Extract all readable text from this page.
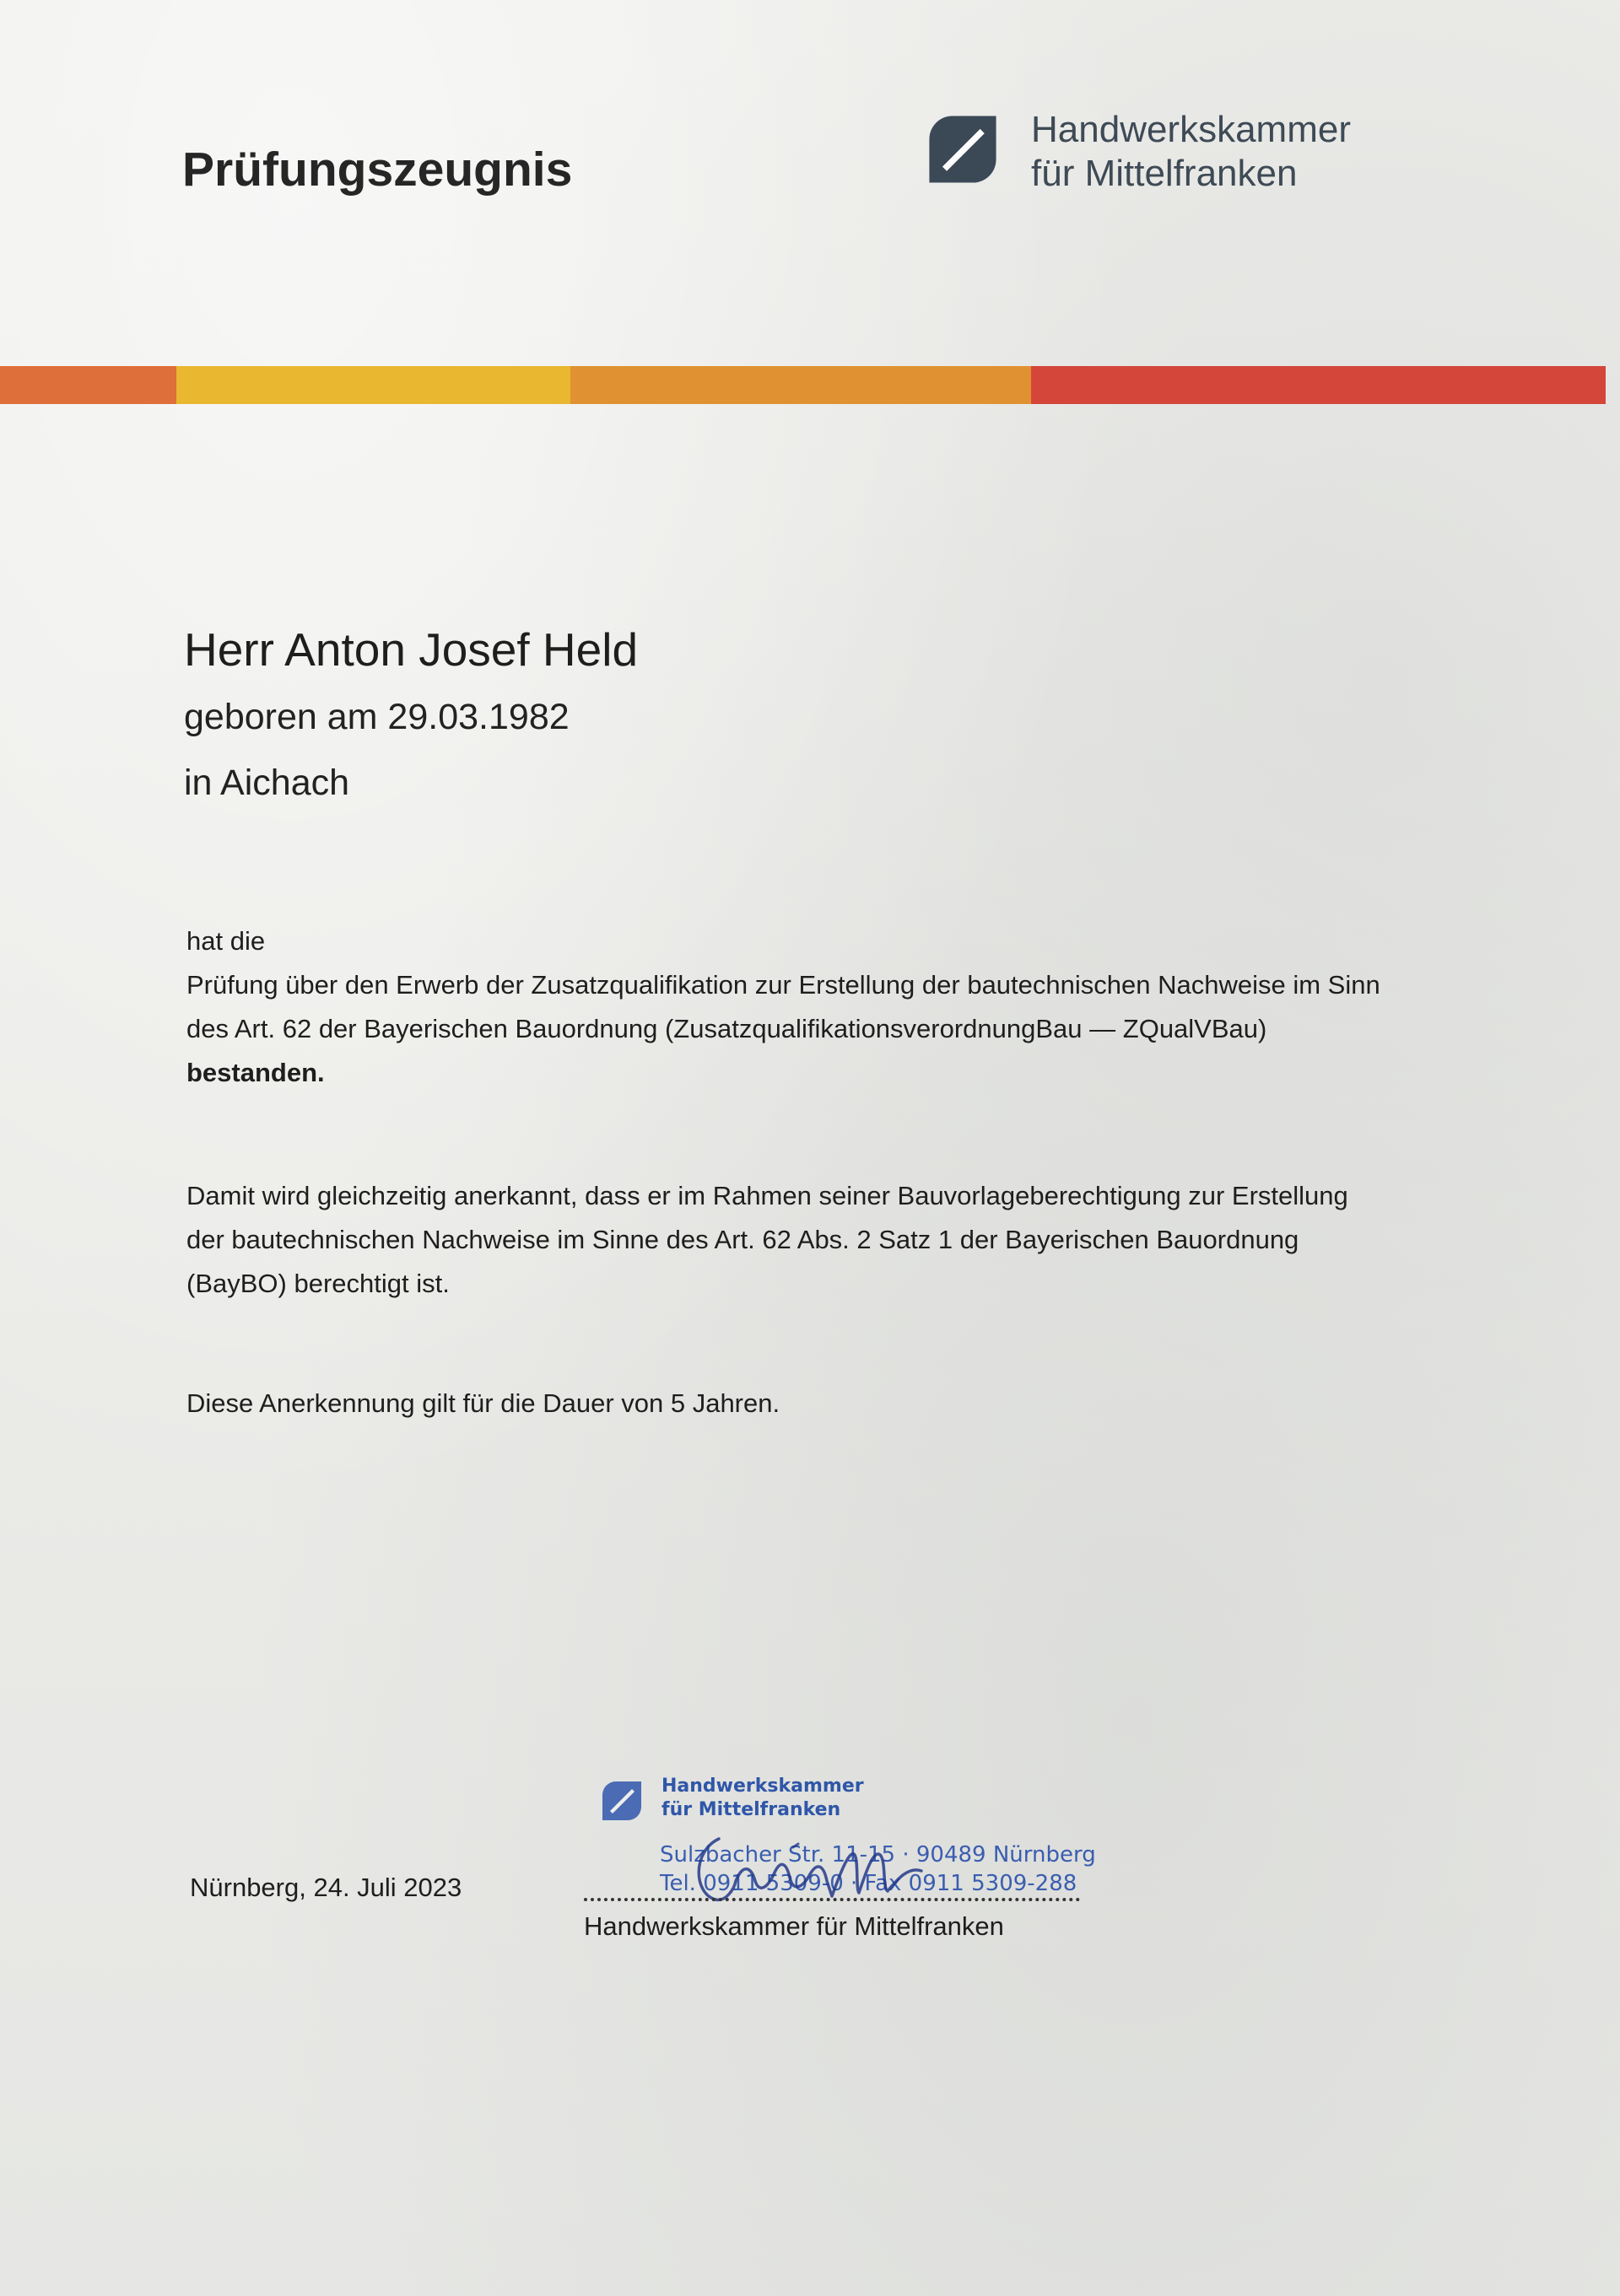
Prüfungszeugnis
Handwerkskammer
für Mittelfranken
Herr Anton Josef Held
geboren am 29.03.1982
in Aichach
hat die
Prüfung über den Erwerb der Zusatzqualifikation zur Erstellung der bautechnischen Nachweise im Sinn
des Art. 62 der Bayerischen Bauordnung (ZusatzqualifikationsverordnungBau — ZQualVBau)
bestanden.
Damit wird gleichzeitig anerkannt, dass er im Rahmen seiner Bauvorlageberechtigung zur Erstellung
der bautechnischen Nachweise im Sinne des Art. 62 Abs. 2 Satz 1 der Bayerischen Bauordnung
(BayBO) berechtigt ist.
Diese Anerkennung gilt für die Dauer von 5 Jahren.
Nürnberg, 24. Juli 2023
Handwerkskammer
für Mittelfranken
Sulzbacher Str. 11-15 · 90489 Nürnberg
Tel. 0911 5309-0 · Fax 0911 5309-288
Handwerkskammer für Mittelfranken
